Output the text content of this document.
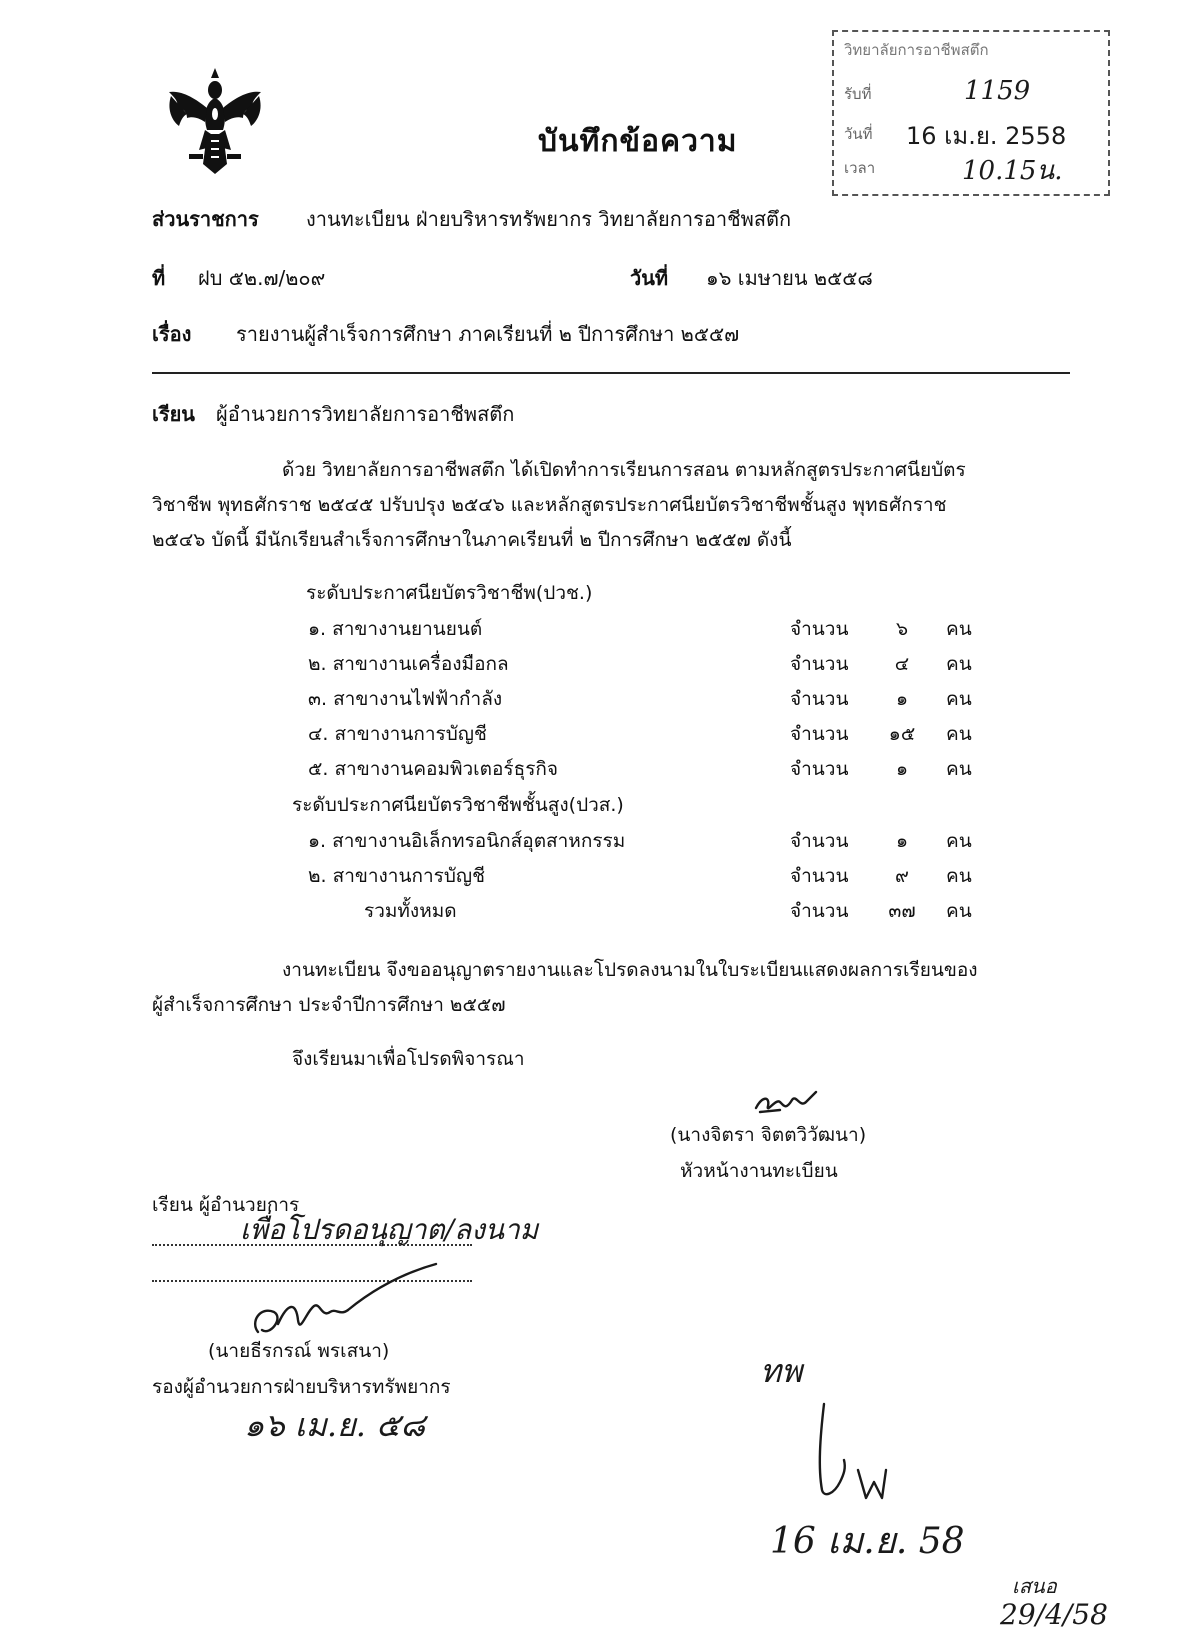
บันทึกข้อความ
วิทยาลัยการอาชีพสตึก
รับที่	1159
วันที่ 16 เม.ย. 2558
เวลา	10.15น.
ส่วนราชการ งานทะเบียน ฝ่ายบริหารทรัพยากร วิทยาลัยการอาชีพสตึก
ที่ ฝบ ๕๒.๗/๒๐๙	วันที่ ๑๖ เมษายน ๒๕๕๘
เรื่อง รายงานผู้สำเร็จการศึกษา ภาคเรียนที่ ๒ ปีการศึกษา ๒๕๕๗
เรียน ผู้อำนวยการวิทยาลัยการอาชีพสตึก
ด้วย วิทยาลัยการอาชีพสตึก ได้เปิดทำการเรียนการสอน ตามหลักสูตรประกาศนียบัตร
วิชาชีพ พุทธศักราช ๒๕๔๕ ปรับปรุง ๒๕๔๖ และหลักสูตรประกาศนียบัตรวิชาชีพชั้นสูง พุทธศักราช
๒๕๔๖ บัดนี้ มีนักเรียนสำเร็จการศึกษาในภาคเรียนที่ ๒ ปีการศึกษา ๒๕๕๗ ดังนี้
ระดับประกาศนียบัตรวิชาชีพ(ปวช.)
๑. สาขางานยานยนต์	จำนวน	๖	คน
๒. สาขางานเครื่องมือกล	จำนวน	๔	คน
๓. สาขางานไฟฟ้ากำลัง	จำนวน	๑	คน
๔. สาขางานการบัญชี	จำนวน	๑๕	คน
๕. สาขางานคอมพิวเตอร์ธุรกิจ	จำนวน	๑	คน
ระดับประกาศนียบัตรวิชาชีพชั้นสูง(ปวส.)
๑. สาขางานอิเล็กทรอนิกส์อุตสาหกรรม	จำนวน	๑	คน
๒. สาขางานการบัญชี	จำนวน	๙	คน
รวมทั้งหมด	จำนวน	๓๗	คน
งานทะเบียน จึงขออนุญาตรายงานและโปรดลงนามในใบระเบียนแสดงผลการเรียนของ
ผู้สำเร็จการศึกษา ประจำปีการศึกษา ๒๕๕๗
จึงเรียนมาเพื่อโปรดพิจารณา
(นางจิตรา จิตตวิวัฒนา)
หัวหน้างานทะเบียน
เรียน ผู้อำนวยการ
เพื่อโปรดอนุญาต/ลงนาม
(นายธีรกรณ์ พรเสนา)
รองผู้อำนวยการฝ่ายบริหารทรัพยากร
๑๖ เม.ย. ๕๘
ทพ
16 เม.ย. 58
เสนอ
29/4/58
